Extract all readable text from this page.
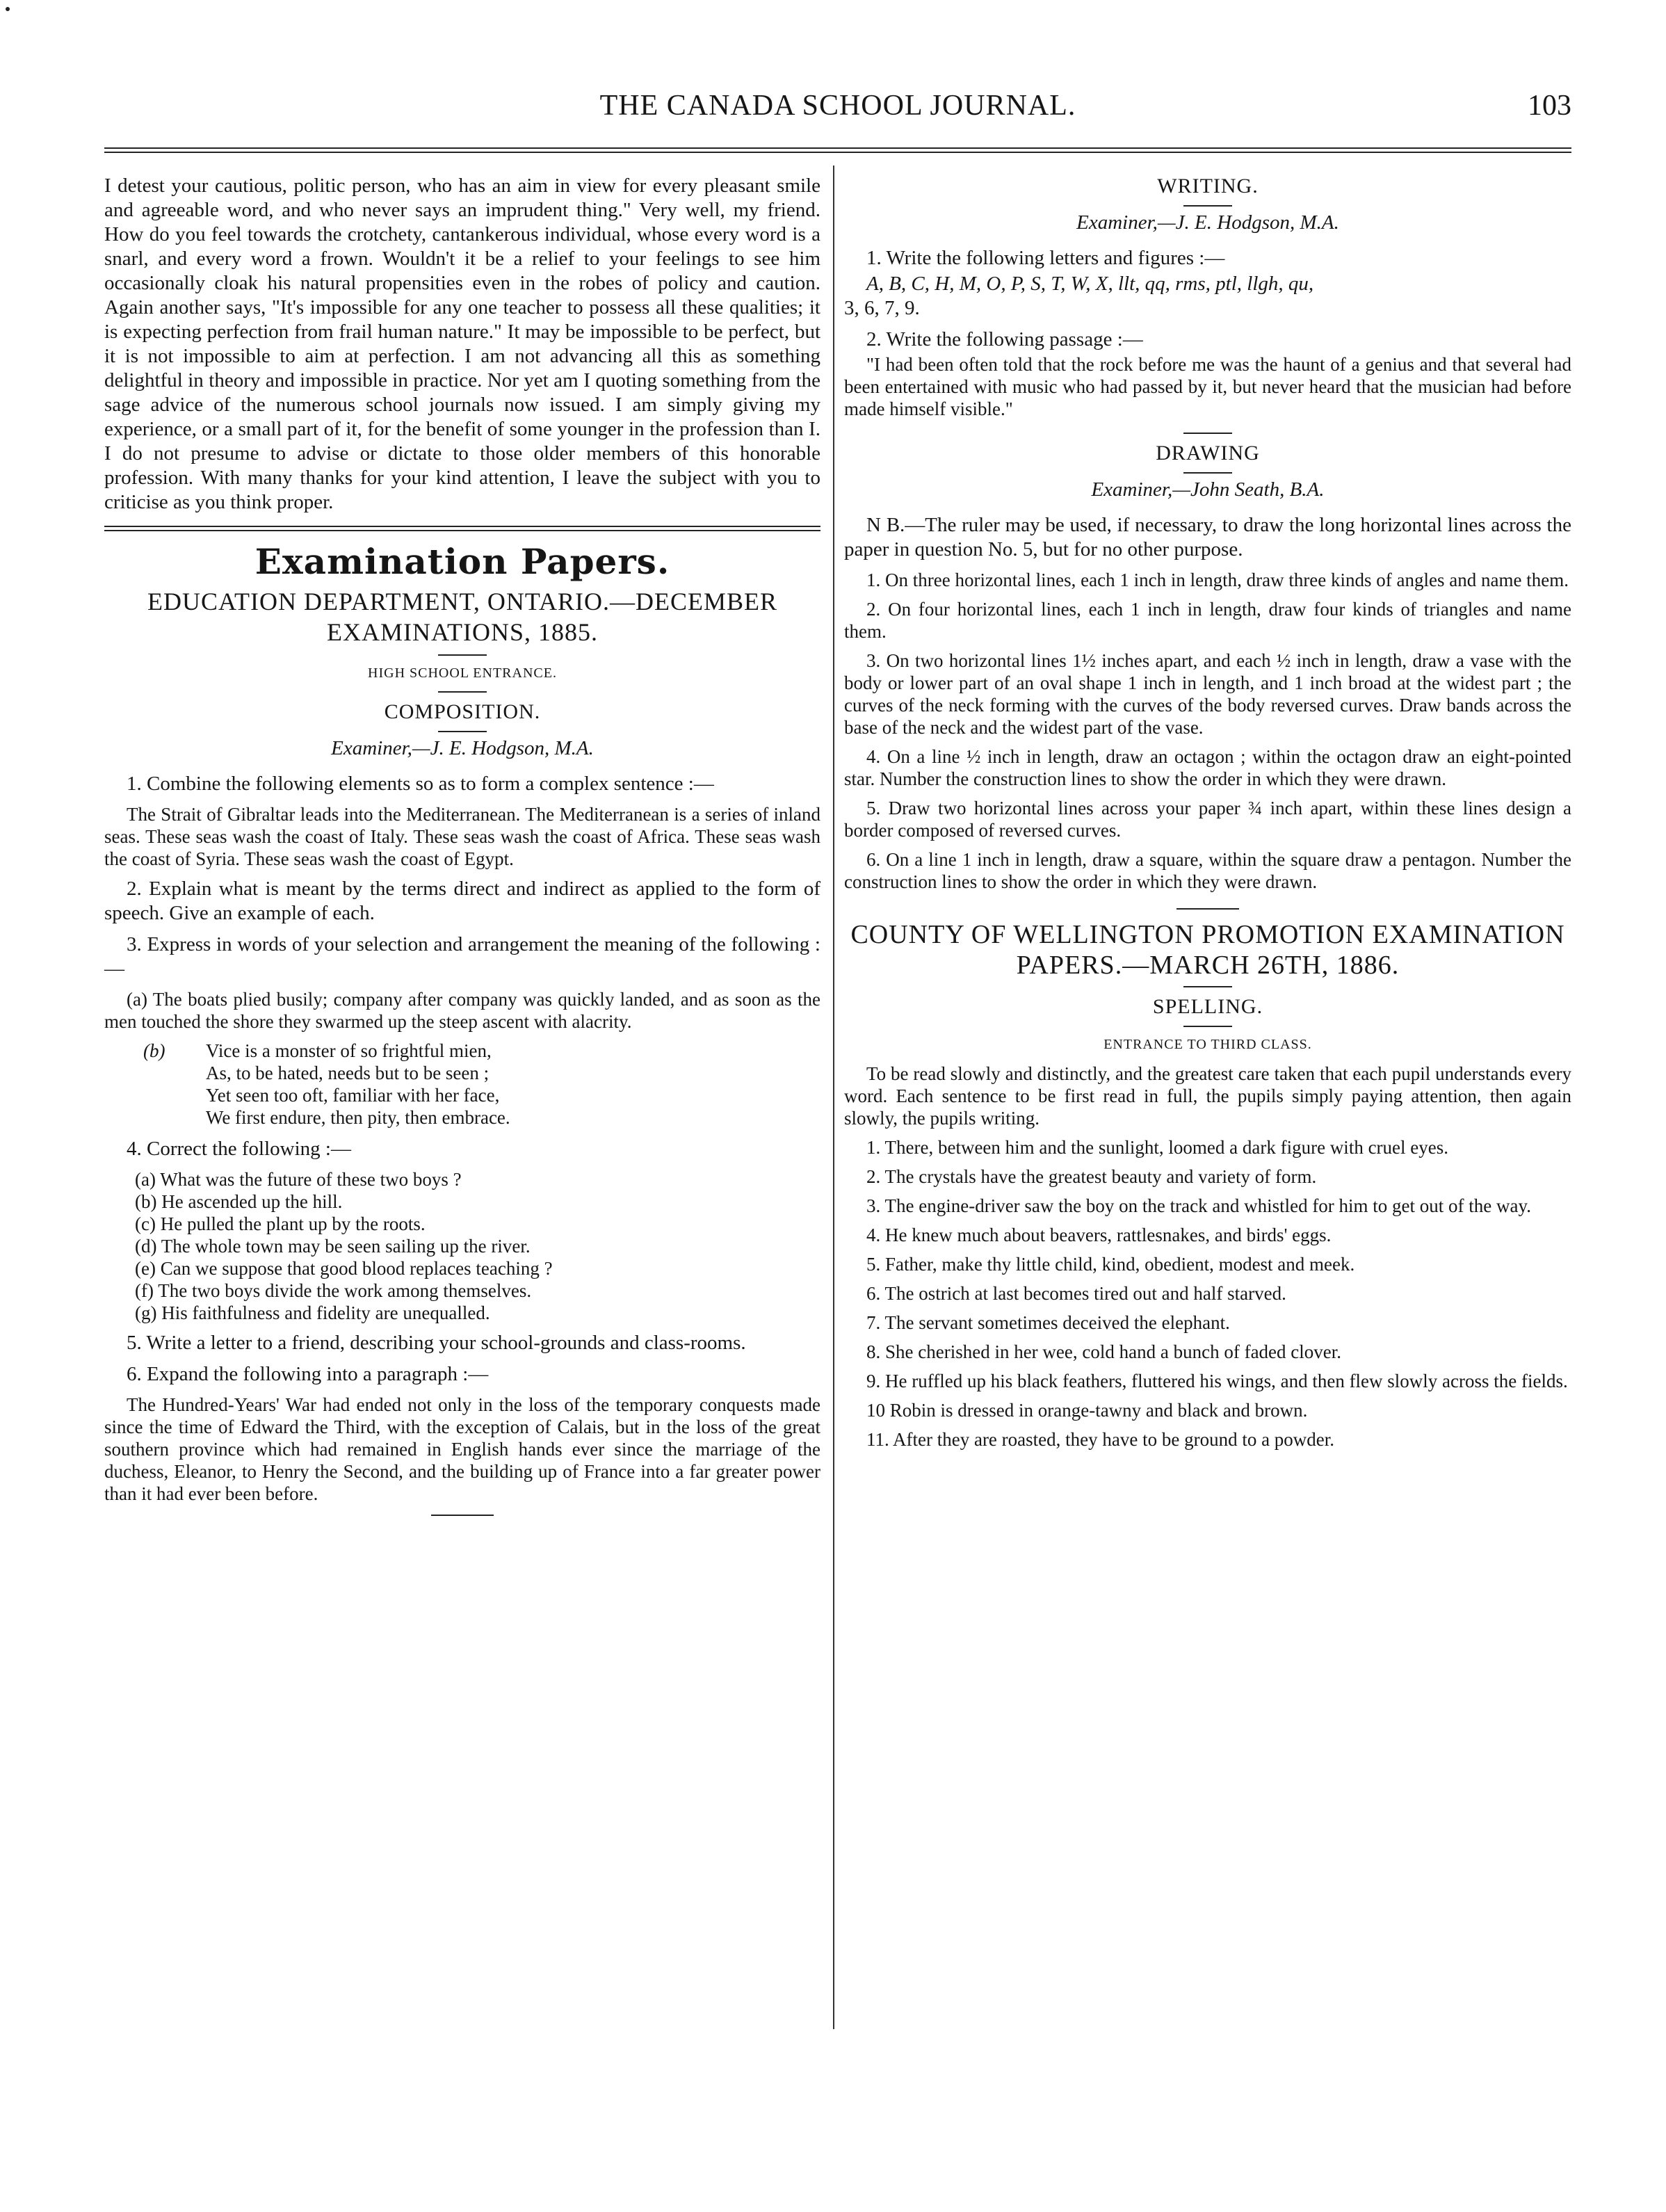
THE CANADA SCHOOL JOURNAL.	103

I detest your cautious, politic person, who has an aim in view for every pleasant smile and agreeable word, and who never says an imprudent thing." Very well, my friend. How do you feel towards the crotchety, cantankerous individual, whose every word is a snarl, and every word a frown. Wouldn't it be a relief to your feelings to see him occasionally cloak his natural propensities even in the robes of policy and caution. Again another says, "It's impossible for any one teacher to possess all these qualities; it is expecting perfection from frail human nature." It may be impossible to be perfect, but it is not impossible to aim at perfection. I am not advancing all this as something delightful in theory and impossible in practice. Nor yet am I quoting something from the sage advice of the numerous school journals now issued. I am simply giving my experience, or a small part of it, for the benefit of some younger in the profession than I. I do not presume to advise or dictate to those older members of this honorable profession. With many thanks for your kind attention, I leave the subject with you to criticise as you think proper.

Examination Papers.
EDUCATION DEPARTMENT, ONTARIO.—DECEMBER EXAMINATIONS, 1885.
HIGH SCHOOL ENTRANCE.
COMPOSITION.
Examiner,—J. E. Hodgson, M.A.

1. Combine the following elements so as to form a complex sentence :—

The Strait of Gibraltar leads into the Mediterranean. The Mediterranean is a series of inland seas. These seas wash the coast of Italy. These seas wash the coast of Africa. These seas wash the coast of Syria. These seas wash the coast of Egypt.

2. Explain what is meant by the terms direct and indirect as applied to the form of speech. Give an example of each.

3. Express in words of your selection and arrangement the meaning of the following :—

(a) The boats plied busily; company after company was quickly landed, and as soon as the men touched the shore they swarmed up the steep ascent with alacrity.

(b) Vice is a monster of so frightful mien,
As, to be hated, needs but to be seen ;
Yet seen too oft, familiar with her face,
We first endure, then pity, then embrace.

4. Correct the following :—

(a) What was the future of these two boys ?
(b) He ascended up the hill.
(c) He pulled the plant up by the roots.
(d) The whole town may be seen sailing up the river.
(e) Can we suppose that good blood replaces teaching ?
(f) The two boys divide the work among themselves.
(g) His faithfulness and fidelity are unequalled.

5. Write a letter to a friend, describing your school-grounds and class-rooms.

6. Expand the following into a paragraph :—

The Hundred-Years' War had ended not only in the loss of the temporary conquests made since the time of Edward the Third, with the exception of Calais, but in the loss of the great southern province which had remained in English hands ever since the marriage of the duchess, Eleanor, to Henry the Second, and the building up of France into a far greater power than it had ever been before.

WRITING.
Examiner,—J. E. Hodgson, M.A.

1. Write the following letters and figures :—

A, B, C, H, M, O, P, S, T, W, X, llt, qq, rms, ptl, llgh, qu,

3, 6, 7, 9.

2. Write the following passage :—

"I had been often told that the rock before me was the haunt of a genius and that several had been entertained with music who had passed by it, but never heard that the musician had before made himself visible."

DRAWING
Examiner,—John Seath, B.A.

N B.—The ruler may be used, if necessary, to draw the long horizontal lines across the paper in question No. 5, but for no other purpose.

1. On three horizontal lines, each 1 inch in length, draw three kinds of angles and name them.

2. On four horizontal lines, each 1 inch in length, draw four kinds of triangles and name them.

3. On two horizontal lines 1½ inches apart, and each ½ inch in length, draw a vase with the body or lower part of an oval shape 1 inch in length, and 1 inch broad at the widest part ; the curves of the neck forming with the curves of the body reversed curves. Draw bands across the base of the neck and the widest part of the vase.

4. On a line ½ inch in length, draw an octagon ; within the octagon draw an eight-pointed star. Number the construction lines to show the order in which they were drawn.

5. Draw two horizontal lines across your paper ¾ inch apart, within these lines design a border composed of reversed curves.

6. On a line 1 inch in length, draw a square, within the square draw a pentagon. Number the construction lines to show the order in which they were drawn.

COUNTY OF WELLINGTON PROMOTION EXAMINATION PAPERS.—MARCH 26TH, 1886.
SPELLING.
ENTRANCE TO THIRD CLASS.

To be read slowly and distinctly, and the greatest care taken that each pupil understands every word. Each sentence to be first read in full, the pupils simply paying attention, then again slowly, the pupils writing.

1. There, between him and the sunlight, loomed a dark figure with cruel eyes.

2. The crystals have the greatest beauty and variety of form.

3. The engine-driver saw the boy on the track and whistled for him to get out of the way.

4. He knew much about beavers, rattlesnakes, and birds' eggs.

5. Father, make thy little child, kind, obedient, modest and meek.

6. The ostrich at last becomes tired out and half starved.

7. The servant sometimes deceived the elephant.

8. She cherished in her wee, cold hand a bunch of faded clover.

9. He ruffled up his black feathers, fluttered his wings, and then flew slowly across the fields.

10 Robin is dressed in orange-tawny and black and brown.

11. After they are roasted, they have to be ground to a powder.
